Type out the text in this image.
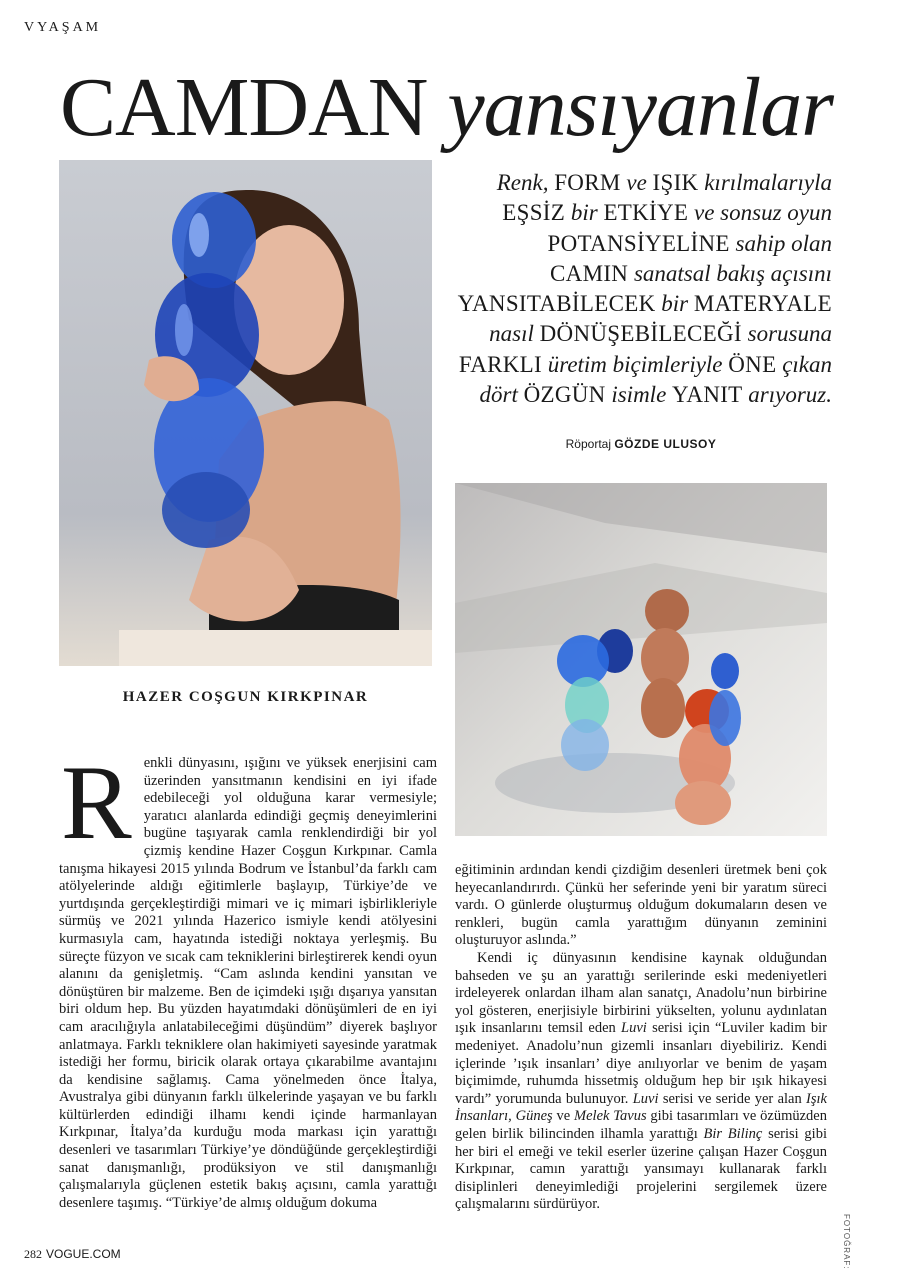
VYAŞAM
CAMDAN yansıyanlar
Renk, FORM ve IŞIK kırılmalarıyla
EŞSİZ bir ETKİYE ve sonsuz oyun
POTANSİYELİNE sahip olan
CAMIN sanatsal bakış açısını
YANSITABİLECEK bir MATERYALE
nasıl DÖNÜŞEBİLECEĞİ sorusuna
FARKLI üretim biçimleriyle ÖNE çıkan
dört ÖZGÜN isimle YANIT arıyoruz.
Röportaj GÖZDE ULUSOY
HAZER COŞGUN KIRKPINAR

Renkli dünyasını, ışığını ve yüksek enerjisini cam üzerinden yansıtmanın kendisini en iyi ifade edebileceği yol olduğuna karar vermesiyle; yaratıcı alanlarda edindiği geçmiş deneyimlerini bugüne taşıyarak camla renklendirdiği bir yol çizmiş kendine Hazer Coşgun Kırkpınar. Camla tanışma hikayesi 2015 yılında Bodrum ve İstanbul’da farklı cam atölyelerinde aldığı eğitimlerle başlayıp, Türkiye’de ve yurtdışında gerçekleştirdiği mimari ve iç mimari işbirlikleriyle sürmüş ve 2021 yılında Hazerico ismiyle kendi atölyesini kurmasıyla cam, hayatında istediği noktaya yerleşmiş. Bu süreçte füzyon ve sıcak cam tekniklerini birleştirerek kendi oyun alanını da genişletmiş. “Cam aslında kendini yansıtan ve dönüştüren bir malzeme. Ben de içimdeki ışığı dışarıya yansıtan biri oldum hep. Bu yüzden hayatımdaki dönüşümleri de en iyi cam aracılığıyla anlatabileceğimi düşündüm” diyerek başlıyor anlatmaya. Farklı tekniklere olan hakimiyeti sayesinde yaratmak istediği her formu, biricik olarak ortaya çıkarabilme avantajını da kendisine sağlamış. Cama yönelmeden önce İtalya, Avustralya gibi dünyanın farklı ülkelerinde yaşayan ve bu farklı kültürlerden edindiği ilhamı kendi içinde harmanlayan Kırkpınar, İtalya’da kurduğu moda markası için yarattığı desenleri ve tasarımları Türkiye’ye döndüğünde gerçekleştirdiği sanat danışmanlığı, prodüksiyon ve stil danışmanlığı çalışmalarıyla güçlenen estetik bakış açısını, camla yarattığı desenlere taşımış. “Türkiye’de almış olduğum dokuma

eğitiminin ardından kendi çizdiğim desenleri üretmek beni çok heyecanlandırırdı. Çünkü her seferinde yeni bir yaratım süreci vardı. O günlerde oluşturmuş olduğum dokumaların desen ve renkleri, bugün camla yarattığım dünyanın zeminini oluşturuyor aslında.”

Kendi iç dünyasının kendisine kaynak olduğundan bahseden ve şu an yarattığı serilerinde eski medeniyetleri irdeleyerek onlardan ilham alan sanatçı, Anadolu’nun birbirine yol gösteren, enerjisiyle birbirini yükselten, yolunu aydınlatan ışık insanlarını temsil eden Luvi serisi için “Luviler kadim bir medeniyet. Anadolu’nun gizemli insanları diyebiliriz. Kendi içlerinde ’ışık insanları’ diye anılıyorlar ve benim de yaşam biçimimde, ruhumda hissetmiş olduğum hep bir ışık hikayesi vardı” yorumunda bulunuyor. Luvi serisi ve seride yer alan Işık İnsanları, Güneş ve Melek Tavus gibi tasarımları ve özümüzden gelen birlik bilincinden ilhamla yarattığı Bir Bilinç serisi gibi her biri el emeği ve tekil eserler üzerine çalışan Hazer Coşgun Kırkpınar, camın yarattığı yansımayı kullanarak farklı disiplinleri deneyimlediği projelerini sergilemek üzere çalışmalarını sürdürüyor.

282 VOGUE.COM	FOTOĞRAF:
